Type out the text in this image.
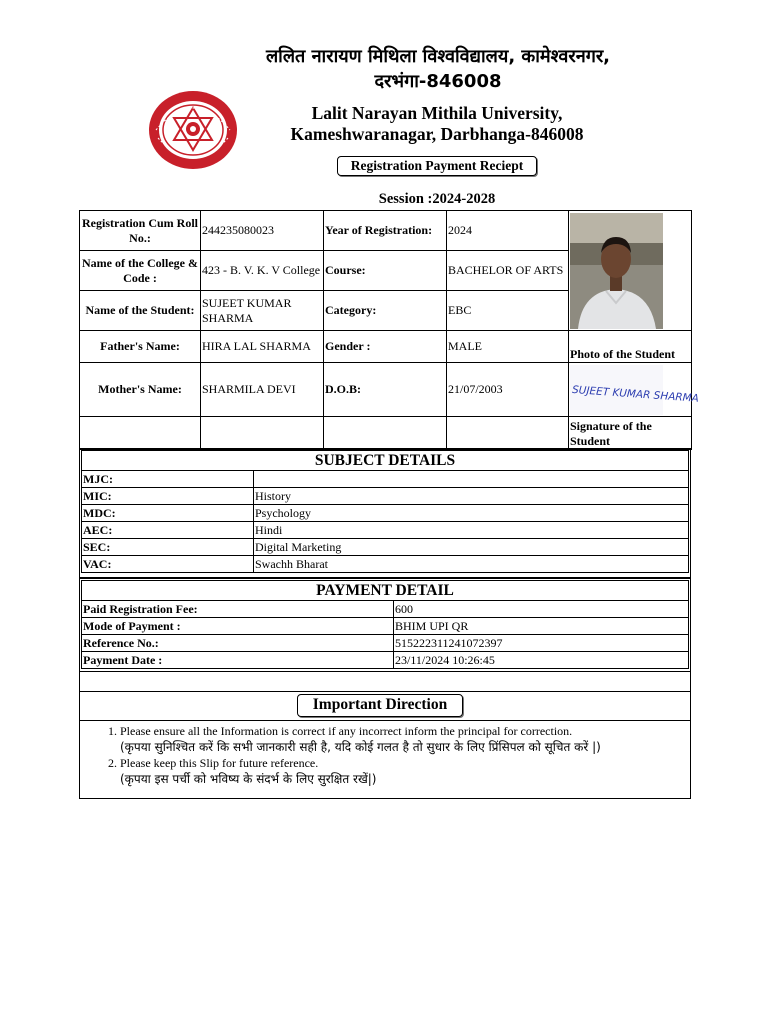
ललित नारायण मिथिला विश्वविद्यालय, कामेश्वरनगर,
दरभंगा-846008
Lalit Narayan Mithila University,
Kameshwaranagar, Darbhanga-846008
Registration Payment Reciept
Session :2024-2028
Registration Cum Roll No.:	244235080023	Year of Registration:	2024	

Name of the College & Code :	423 - B. V. K. V College	Course:	BACHELOR OF ARTS	
Name of the Student:	SUJEET KUMAR SHARMA	Category:	EBC	
Father's Name:	HIRA LAL SHARMA	Gender :	MALE	Photo of the Student
Mother's Name:	SHARMILA DEVI	D.O.B:	21/07/2003	SUJEET KUMAR SHARMA

				Signature of the Student
SUBJECT DETAILS	
MJC:	
MIC:	History
MDC:	Psychology
AEC:	Hindi
SEC:	Digital Marketing
VAC:	Swachh Bharat
PAYMENT DETAIL	
Paid Registration Fee:	600
Mode of Payment :	BHIM UPI QR
Reference No.:	515222311241072397
Payment Date :	23/11/2024 10:26:45
Important Direction
1. Please ensure all the Information is correct if any incorrect inform the principal for correction.
(कृपया सुनिश्चित करें कि सभी जानकारी सही है, यदि कोई गलत है तो सुधार के लिए प्रिंसिपल को सूचित करें |)
2. Please keep this Slip for future reference.
(कृपया इस पर्ची को भविष्य के संदर्भ के लिए सुरक्षित रखें|)
